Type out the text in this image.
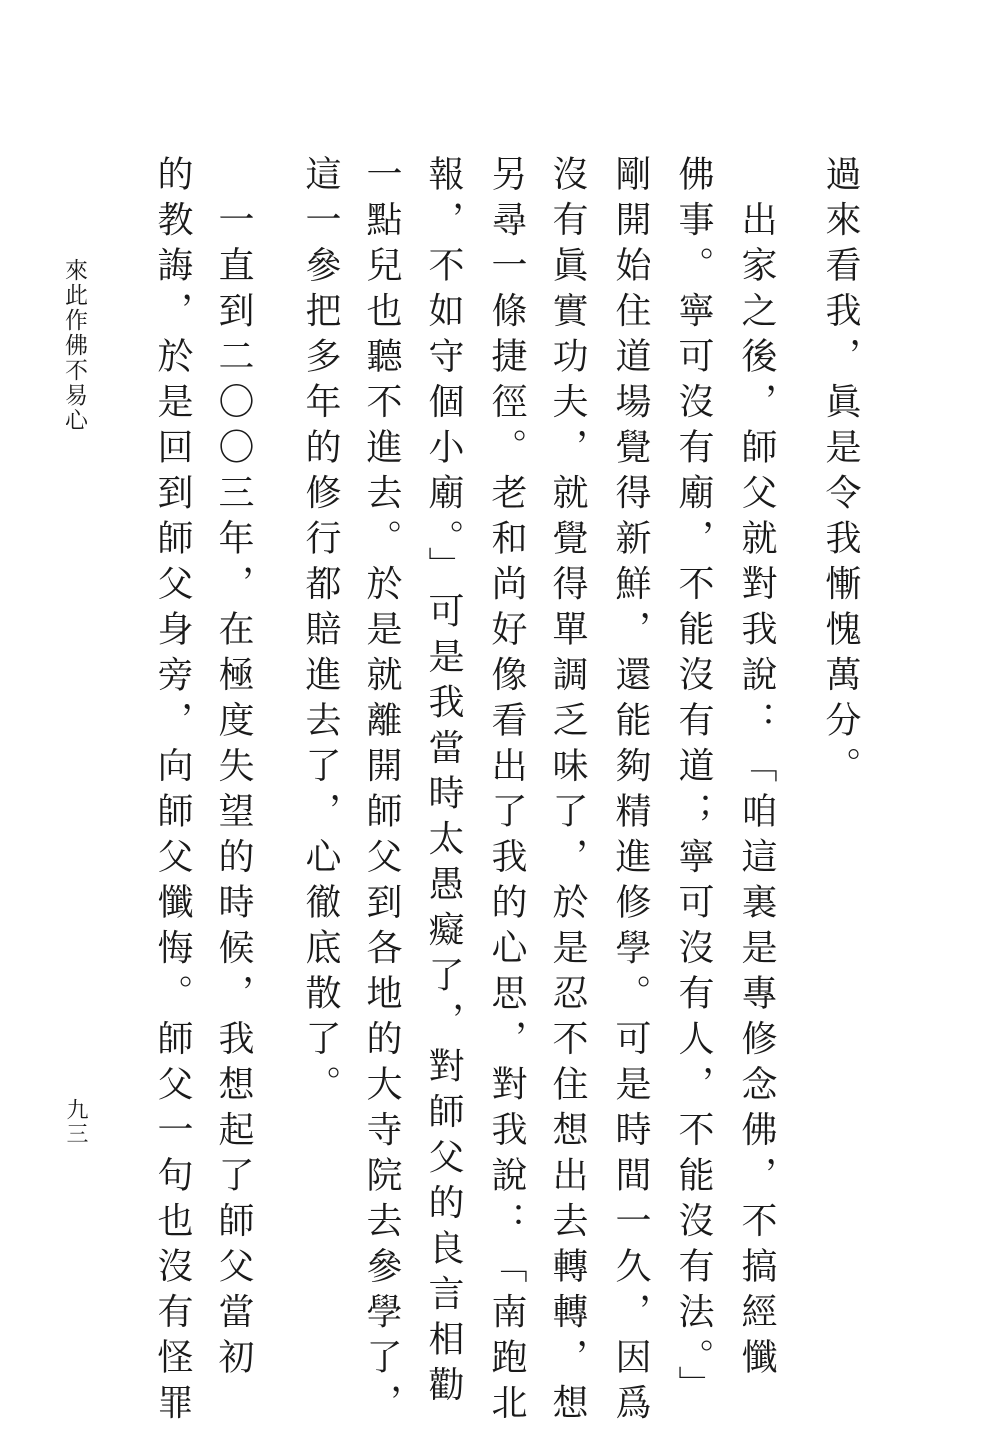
過來看我，眞是令我慚愧萬分。
　出家之後，師父就對我說：「咱這裏是專修念佛，不搞經懺
佛事。寧可沒有廟，不能沒有道；寧可沒有人，不能沒有法。」
剛開始住道場覺得新鮮，還能夠精進修學。可是時間一久，因爲
沒有眞實功夫，就覺得單調乏味了，於是忍不住想出去轉轉，想
另尋一條捷徑。老和尚好像看出了我的心思，對我說：「南跑北
報，不如守個小廟。」可是我當時太愚癡了，對師父的良言相勸
一點兒也聽不進去。於是就離開師父到各地的大寺院去參學了，
這一參把多年的修行都賠進去了，心徹底散了。
　一直到二〇〇三年，在極度失望的時候，我想起了師父當初
的教誨，於是回到師父身旁，向師父懺悔。師父一句也沒有怪罪
來此作佛不易心
九三
